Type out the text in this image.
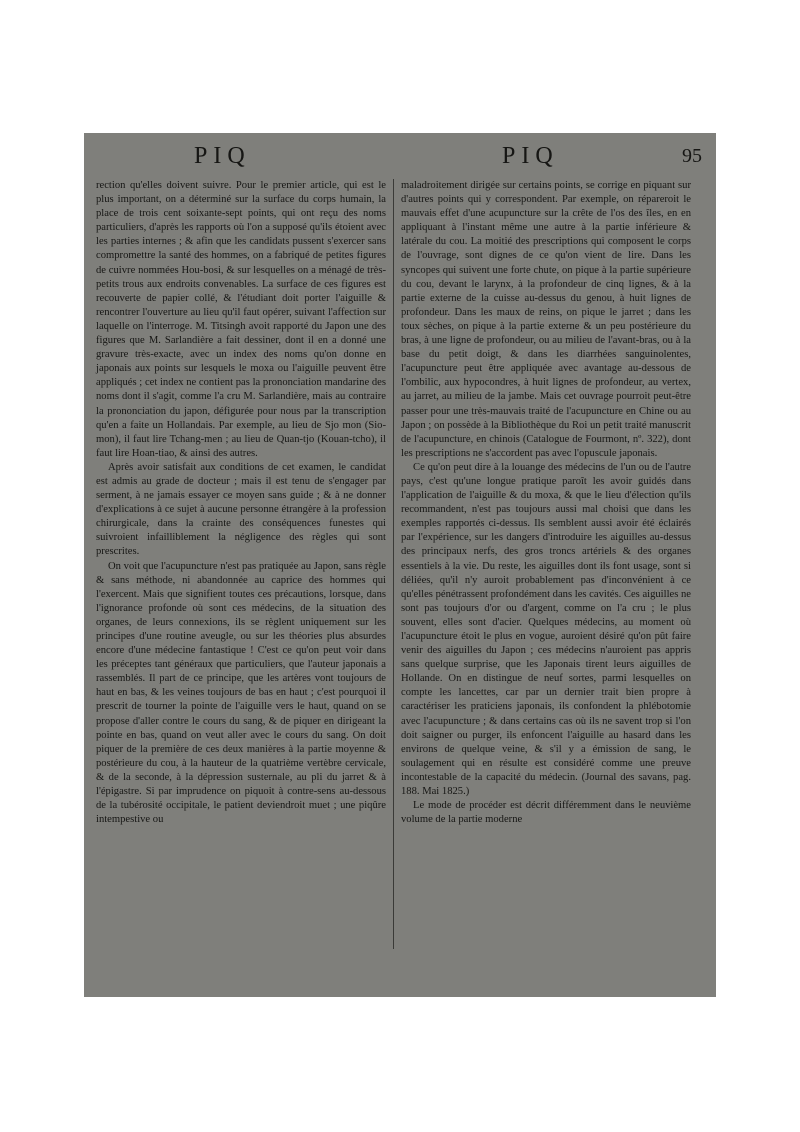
PIQ	PIQ	95

rection qu'elles doivent suivre. Pour le premier article, qui est le plus important, on a déterminé sur la surface du corps humain, la place de trois cent soixante-sept points, qui ont reçu des noms particuliers, d'après les rapports où l'on a supposé qu'ils étoient avec les parties internes ; & afin que les candidats pussent s'exercer sans compromettre la santé des hommes, on a fabriqué de petites figures de cuivre nommées Hou-bosi, & sur lesquelles on a ménagé de très-petits trous aux endroits convenables. La surface de ces figures est recouverte de papier collé, & l'étudiant doit porter l'aiguille & rencontrer l'ouverture au lieu qu'il faut opérer, suivant l'affection sur laquelle on l'interroge. M. Titsingh avoit rapporté du Japon une des figures que M. Sarlandière a fait dessiner, dont il en a donné une gravure très-exacte, avec un index des noms qu'on donne en japonais aux points sur lesquels le moxa ou l'aiguille peuvent être appliqués ; cet index ne contient pas la prononciation mandarine des noms dont il s'agit, comme l'a cru M. Sarlandière, mais au contraire la prononciation du japon, défigurée pour nous par la transcription qu'en a faite un Hollandais. Par exemple, au lieu de Sjo mon (Sio-mon), il faut lire Tchang-men ; au lieu de Quan-tjo (Kouan-tcho), il faut lire Hoan-tiao, & ainsi des autres.

Après avoir satisfait aux conditions de cet examen, le candidat est admis au grade de docteur ; mais il est tenu de s'engager par serment, à ne jamais essayer ce moyen sans guide ; & à ne donner d'explications à ce sujet à aucune personne étrangère à la profession chirurgicale, dans la crainte des conséquences funestes qui suivroient infailliblement la négligence des règles qui sont prescrites.

On voit que l'acupuncture n'est pas pratiquée au Japon, sans règle & sans méthode, ni abandonnée au caprice des hommes qui l'exercent. Mais que signifient toutes ces précautions, lorsque, dans l'ignorance profonde où sont ces médecins, de la situation des organes, de leurs connexions, ils se règlent uniquement sur les principes d'une routine aveugle, ou sur les théories plus absurdes encore d'une médecine fantastique ! C'est ce qu'on peut voir dans les préceptes tant généraux que particuliers, que l'auteur japonais a rassemblés. Il part de ce principe, que les artères vont toujours de haut en bas, & les veines toujours de bas en haut ; c'est pourquoi il prescrit de tourner la pointe de l'aiguille vers le haut, quand on se propose d'aller contre le cours du sang, & de piquer en dirigeant la pointe en bas, quand on veut aller avec le cours du sang. On doit piquer de la première de ces deux manières à la partie moyenne & postérieure du cou, à la hauteur de la quatrième vertèbre cervicale, & de la seconde, à la dépression susternale, au pli du jarret & à l'épigastre. Si par imprudence on piquoit à contre-sens au-dessous de la tubérosité occipitale, le patient deviendroit muet ; une piqûre intempestive ou

maladroitement dirigée sur certains points, se corrige en piquant sur d'autres points qui y correspondent. Par exemple, on répareroit le mauvais effet d'une acupuncture sur la crête de l'os des îles, en en appliquant à l'instant même une autre à la partie inférieure & latérale du cou. La moitié des prescriptions qui composent le corps de l'ouvrage, sont dignes de ce qu'on vient de lire. Dans les syncopes qui suivent une forte chute, on pique à la partie supérieure du cou, devant le larynx, à la profondeur de cinq lignes, & à la partie externe de la cuisse au-dessus du genou, à huit lignes de profondeur. Dans les maux de reins, on pique le jarret ; dans les toux sèches, on pique à la partie externe & un peu postérieure du bras, à une ligne de profondeur, ou au milieu de l'avant-bras, ou à la base du petit doigt, & dans les diarrhées sanguinolentes, l'acupuncture peut être appliquée avec avantage au-dessous de l'ombilic, aux hypocondres, à huit lignes de profondeur, au vertex, au jarret, au milieu de la jambe. Mais cet ouvrage pourroit peut-être passer pour une très-mauvais traité de l'acupuncture en Chine ou au Japon ; on possède à la Bibliothèque du Roi un petit traité manuscrit de l'acupuncture, en chinois (Catalogue de Fourmont, nº. 322), dont les prescriptions ne s'accordent pas avec l'opuscule japonais.

Ce qu'on peut dire à la louange des médecins de l'un ou de l'autre pays, c'est qu'une longue pratique paroît les avoir guidés dans l'application de l'aiguille & du moxa, & que le lieu d'élection qu'ils recommandent, n'est pas toujours aussi mal choisi que dans les exemples rapportés ci-dessus. Ils semblent aussi avoir été éclairés par l'expérience, sur les dangers d'introduire les aiguilles au-dessus des principaux nerfs, des gros troncs artériels & des organes essentiels à la vie. Du reste, les aiguilles dont ils font usage, sont si déliées, qu'il n'y auroit probablement pas d'inconvénient à ce qu'elles pénétrassent profondément dans les cavités. Ces aiguilles ne sont pas toujours d'or ou d'argent, comme on l'a cru ; le plus souvent, elles sont d'acier. Quelques médecins, au moment où l'acupuncture étoit le plus en vogue, auroient désiré qu'on pût faire venir des aiguilles du Japon ; ces médecins n'auroient pas appris sans quelque surprise, que les Japonais tirent leurs aiguilles de Hollande. On en distingue de neuf sortes, parmi lesquelles on compte les lancettes, car par un dernier trait bien propre à caractériser les praticiens japonais, ils confondent la phlébotomie avec l'acupuncture ; & dans certains cas où ils ne savent trop si l'on doit saigner ou purger, ils enfoncent l'aiguille au hasard dans les environs de quelque veine, & s'il y a émission de sang, le soulagement qui en résulte est considéré comme une preuve incontestable de la capacité du médecin. (Journal des savans, pag. 188. Mai 1825.)

Le mode de procéder est décrit différemment dans le neuvième volume de la partie moderne
